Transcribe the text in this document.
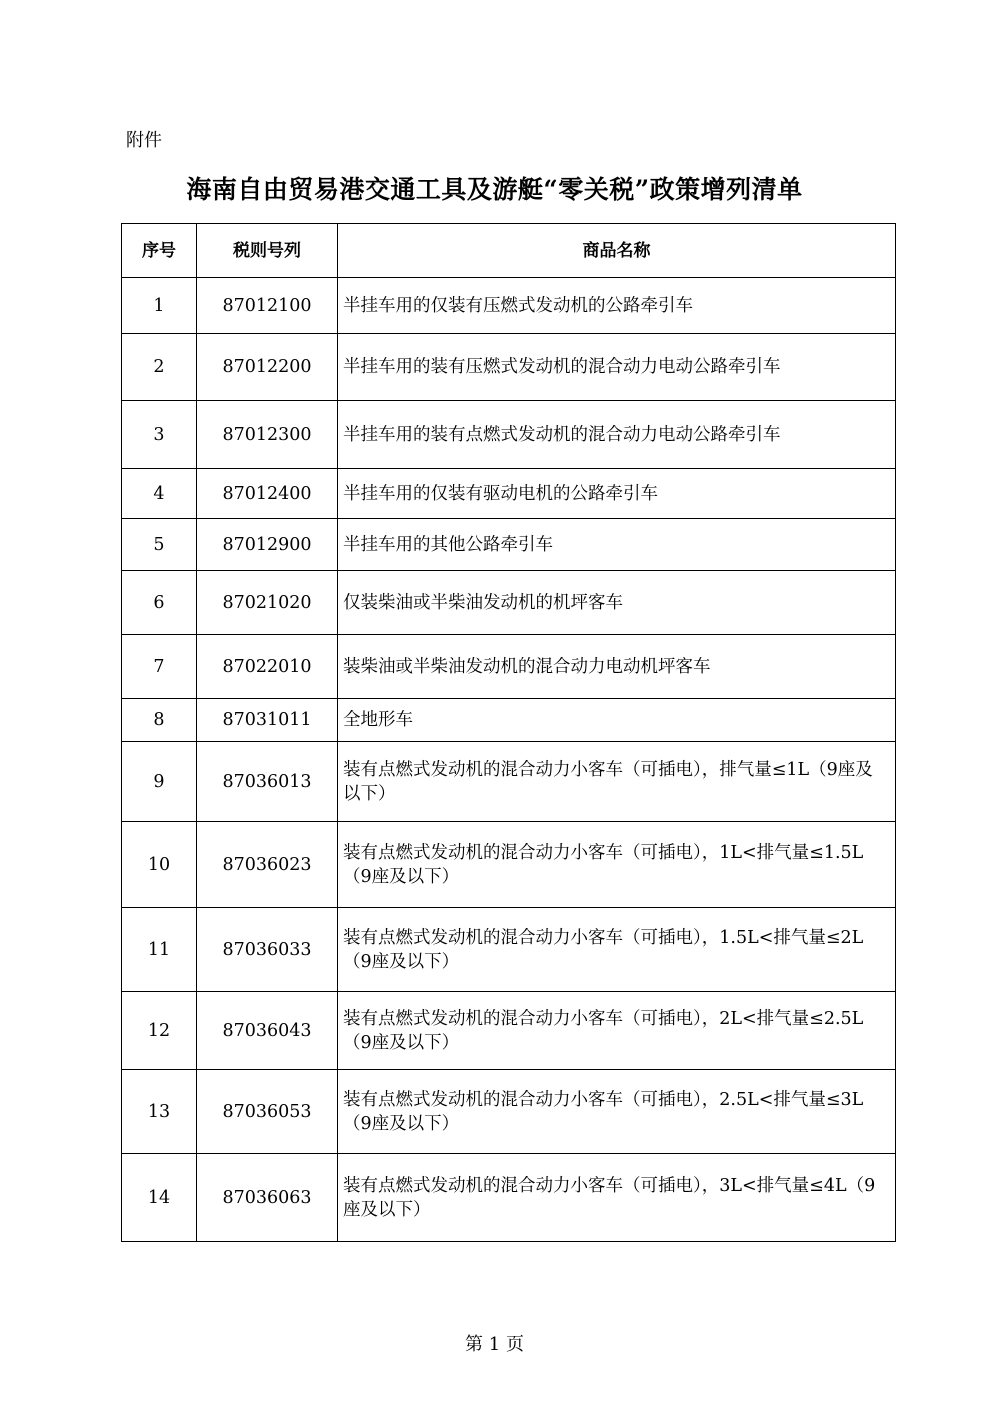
附件
海南自由贸易港交通工具及游艇“零关税”政策增列清单
序号	税则号列	商品名称
1	87012100	半挂车用的仅装有压燃式发动机的公路牵引车
2	87012200	半挂车用的装有压燃式发动机的混合动力电动公路牵引车
3	87012300	半挂车用的装有点燃式发动机的混合动力电动公路牵引车
4	87012400	半挂车用的仅装有驱动电机的公路牵引车
5	87012900	半挂车用的其他公路牵引车
6	87021020	仅装柴油或半柴油发动机的机坪客车
7	87022010	装柴油或半柴油发动机的混合动力电动机坪客车
8	87031011	全地形车
9	87036013	装有点燃式发动机的混合动力小客车（可插电），排气量≤1L（9座及以下）
10	87036023	装有点燃式发动机的混合动力小客车（可插电），1L<排气量≤1.5L（9座及以下）
11	87036033	装有点燃式发动机的混合动力小客车（可插电），1.5L<排气量≤2L（9座及以下）
12	87036043	装有点燃式发动机的混合动力小客车（可插电），2L<排气量≤2.5L（9座及以下）
13	87036053	装有点燃式发动机的混合动力小客车（可插电），2.5L<排气量≤3L（9座及以下）
14	87036063	装有点燃式发动机的混合动力小客车（可插电），3L<排气量≤4L（9座及以下）
第 1 页
